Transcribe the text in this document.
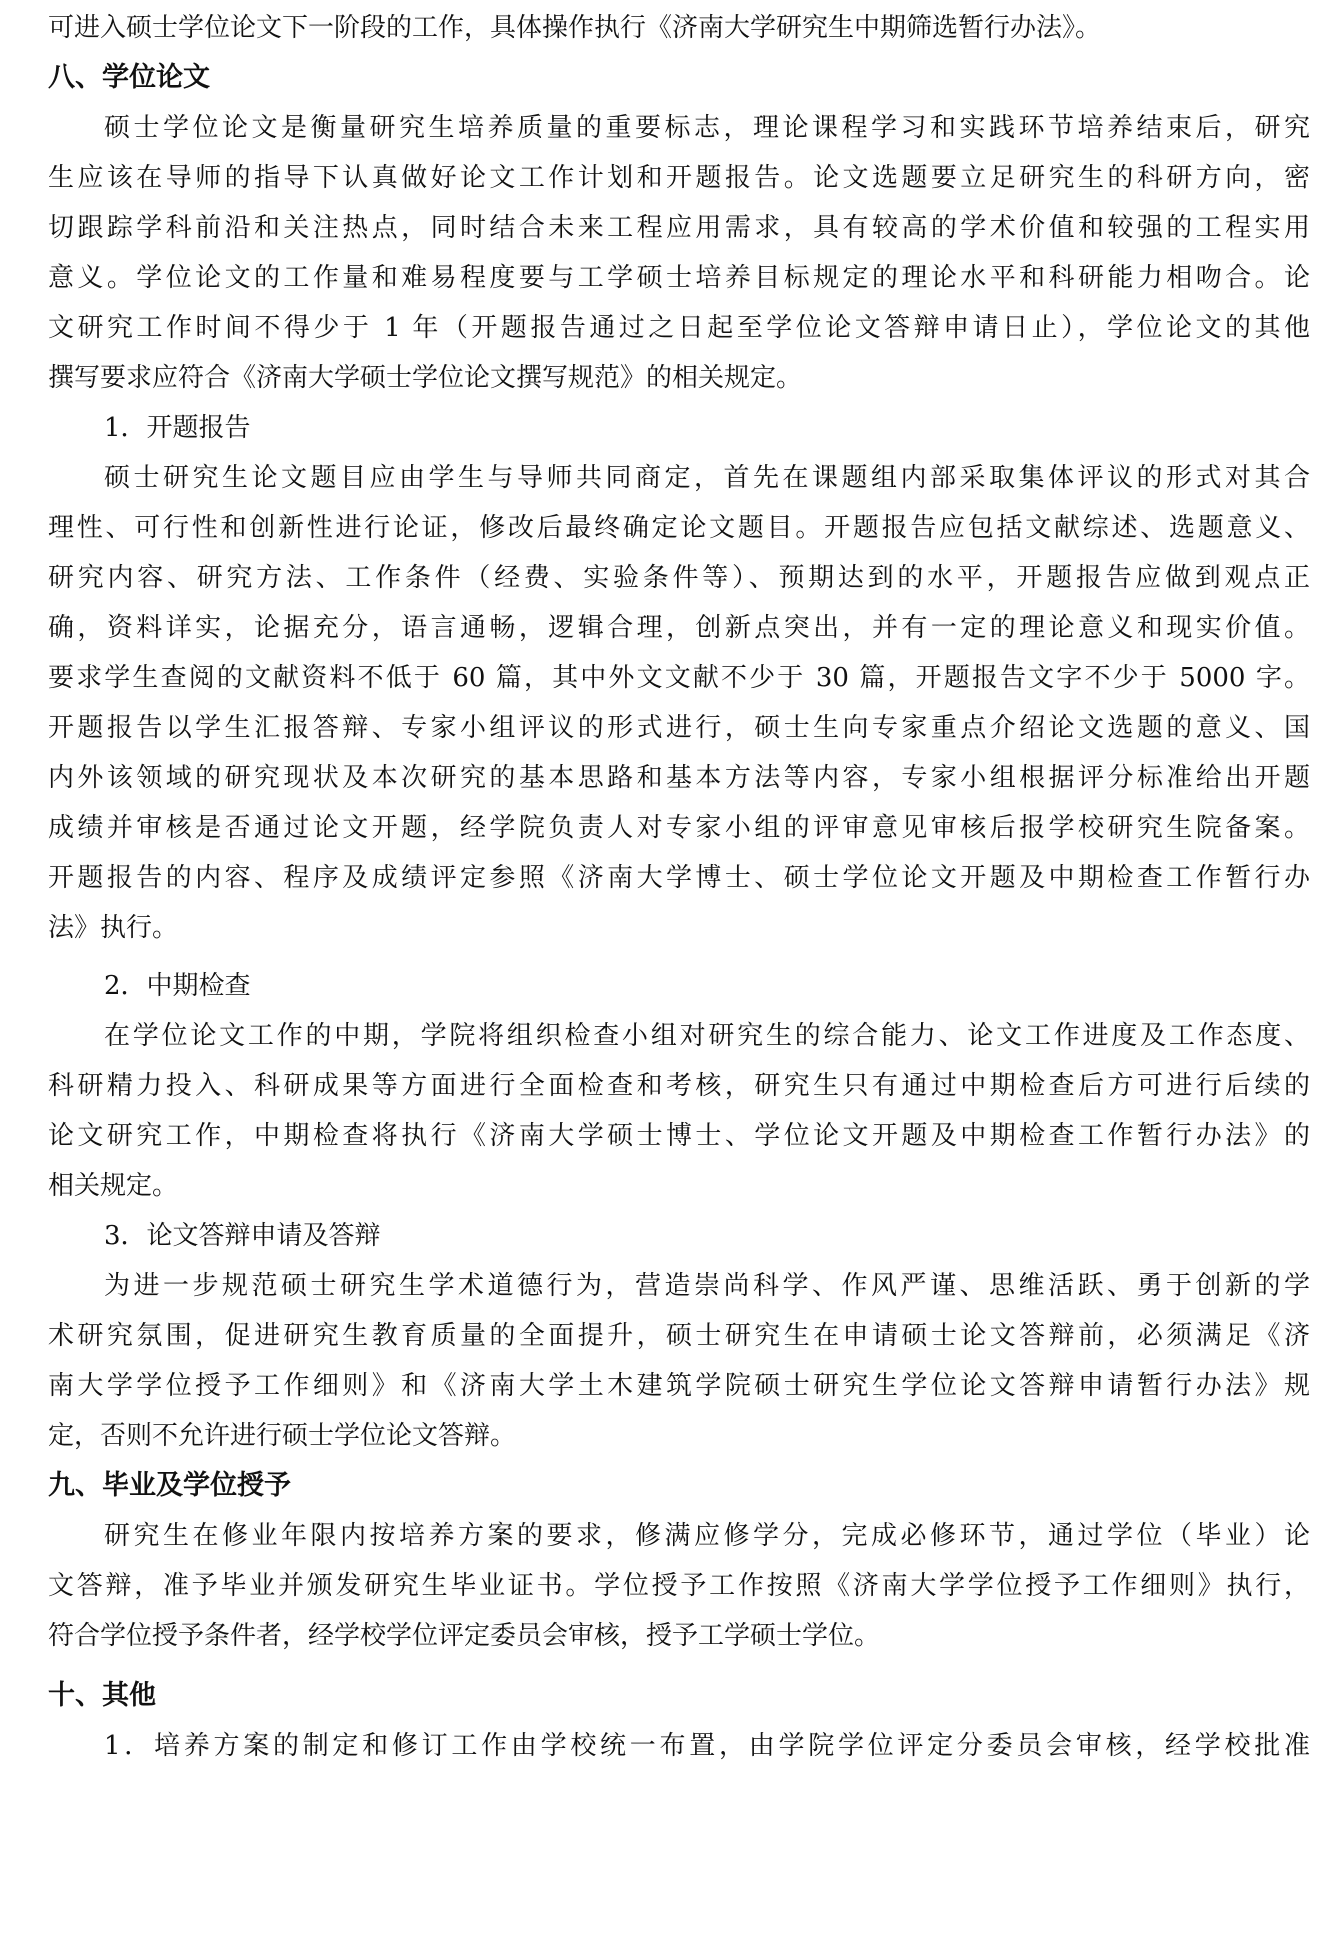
可进入硕士学位论文下一阶段的工作，具体操作执行《济南大学研究生中期筛选暂行办法》。
八、学位论文
硕士学位论文是衡量研究生培养质量的重要标志，理论课程学习和实践环节培养结束后，研究
生应该在导师的指导下认真做好论文工作计划和开题报告。论文选题要立足研究生的科研方向，密
切跟踪学科前沿和关注热点，同时结合未来工程应用需求，具有较高的学术价值和较强的工程实用
意义。学位论文的工作量和难易程度要与工学硕士培养目标规定的理论水平和科研能力相吻合。论
文研究工作时间不得少于 1 年（开题报告通过之日起至学位论文答辩申请日止），学位论文的其他
撰写要求应符合《济南大学硕士学位论文撰写规范》的相关规定。
1．开题报告
硕士研究生论文题目应由学生与导师共同商定，首先在课题组内部采取集体评议的形式对其合
理性、可行性和创新性进行论证，修改后最终确定论文题目。开题报告应包括文献综述、选题意义、
研究内容、研究方法、工作条件（经费、实验条件等）、预期达到的水平，开题报告应做到观点正
确，资料详实，论据充分，语言通畅，逻辑合理，创新点突出，并有一定的理论意义和现实价值。
要求学生查阅的文献资料不低于 60 篇，其中外文文献不少于 30 篇，开题报告文字不少于 5000 字。
开题报告以学生汇报答辩、专家小组评议的形式进行，硕士生向专家重点介绍论文选题的意义、国
内外该领域的研究现状及本次研究的基本思路和基本方法等内容，专家小组根据评分标准给出开题
成绩并审核是否通过论文开题，经学院负责人对专家小组的评审意见审核后报学校研究生院备案。
开题报告的内容、程序及成绩评定参照《济南大学博士、硕士学位论文开题及中期检查工作暂行办
法》执行。
2．中期检查
在学位论文工作的中期，学院将组织检查小组对研究生的综合能力、论文工作进度及工作态度、
科研精力投入、科研成果等方面进行全面检查和考核，研究生只有通过中期检查后方可进行后续的
论文研究工作，中期检查将执行《济南大学硕士博士、学位论文开题及中期检查工作暂行办法》的
相关规定。
3．论文答辩申请及答辩
为进一步规范硕士研究生学术道德行为，营造崇尚科学、作风严谨、思维活跃、勇于创新的学
术研究氛围，促进研究生教育质量的全面提升，硕士研究生在申请硕士论文答辩前，必须满足《济
南大学学位授予工作细则》和《济南大学土木建筑学院硕士研究生学位论文答辩申请暂行办法》规
定，否则不允许进行硕士学位论文答辩。
九、毕业及学位授予
研究生在修业年限内按培养方案的要求，修满应修学分，完成必修环节，通过学位（毕业）论
文答辩，准予毕业并颁发研究生毕业证书。学位授予工作按照《济南大学学位授予工作细则》执行，
符合学位授予条件者，经学校学位评定委员会审核，授予工学硕士学位。
十、其他
1．培养方案的制定和修订工作由学校统一布置，由学院学位评定分委员会审核，经学校批准
